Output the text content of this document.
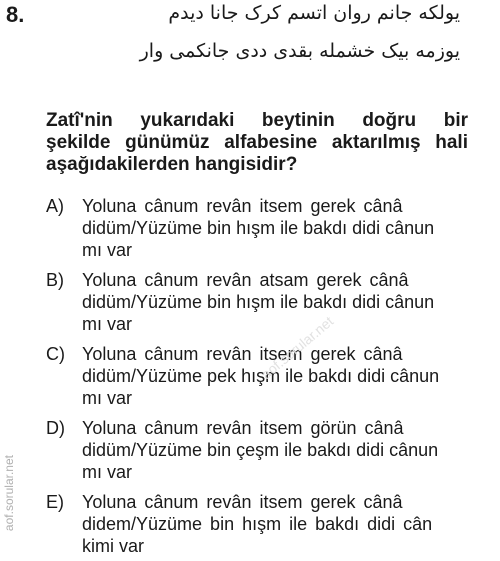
8.	یولکه جانم روان اتسم کرک جانا دیدم
یوزمه بیک خشمله بقدی ددی جانکمی وار
Zatî'nin yukarıdaki beytinin doğru bir
şekilde günümüz alfabesine aktarılmış hali
aşağıdakilerden hangisidir?
A)	Yoluna cânum revân itsem gerek cânâ
didüm/Yüzüme bin hışm ile bakdı didi cânun
mı var
B)	Yoluna cânum revân atsam gerek cânâ
didüm/Yüzüme bin hışm ile bakdı didi cânun
mı var
C) Yoluna cânum revân itsem gerek cânâ
didüm/Yüzüme pek hışm ile bakdı didi cânun
mı var
D) Yoluna cânum revân itsem görün cânâ
didüm/Yüzüme bin çeşm ile bakdı didi cânun
mı var
E)	Yoluna cânum revân itsem gerek cânâ
didem/Yüzüme bin hışm ile bakdı didi cân
kimi var
aof.sorular.net
aof.sorular.net
